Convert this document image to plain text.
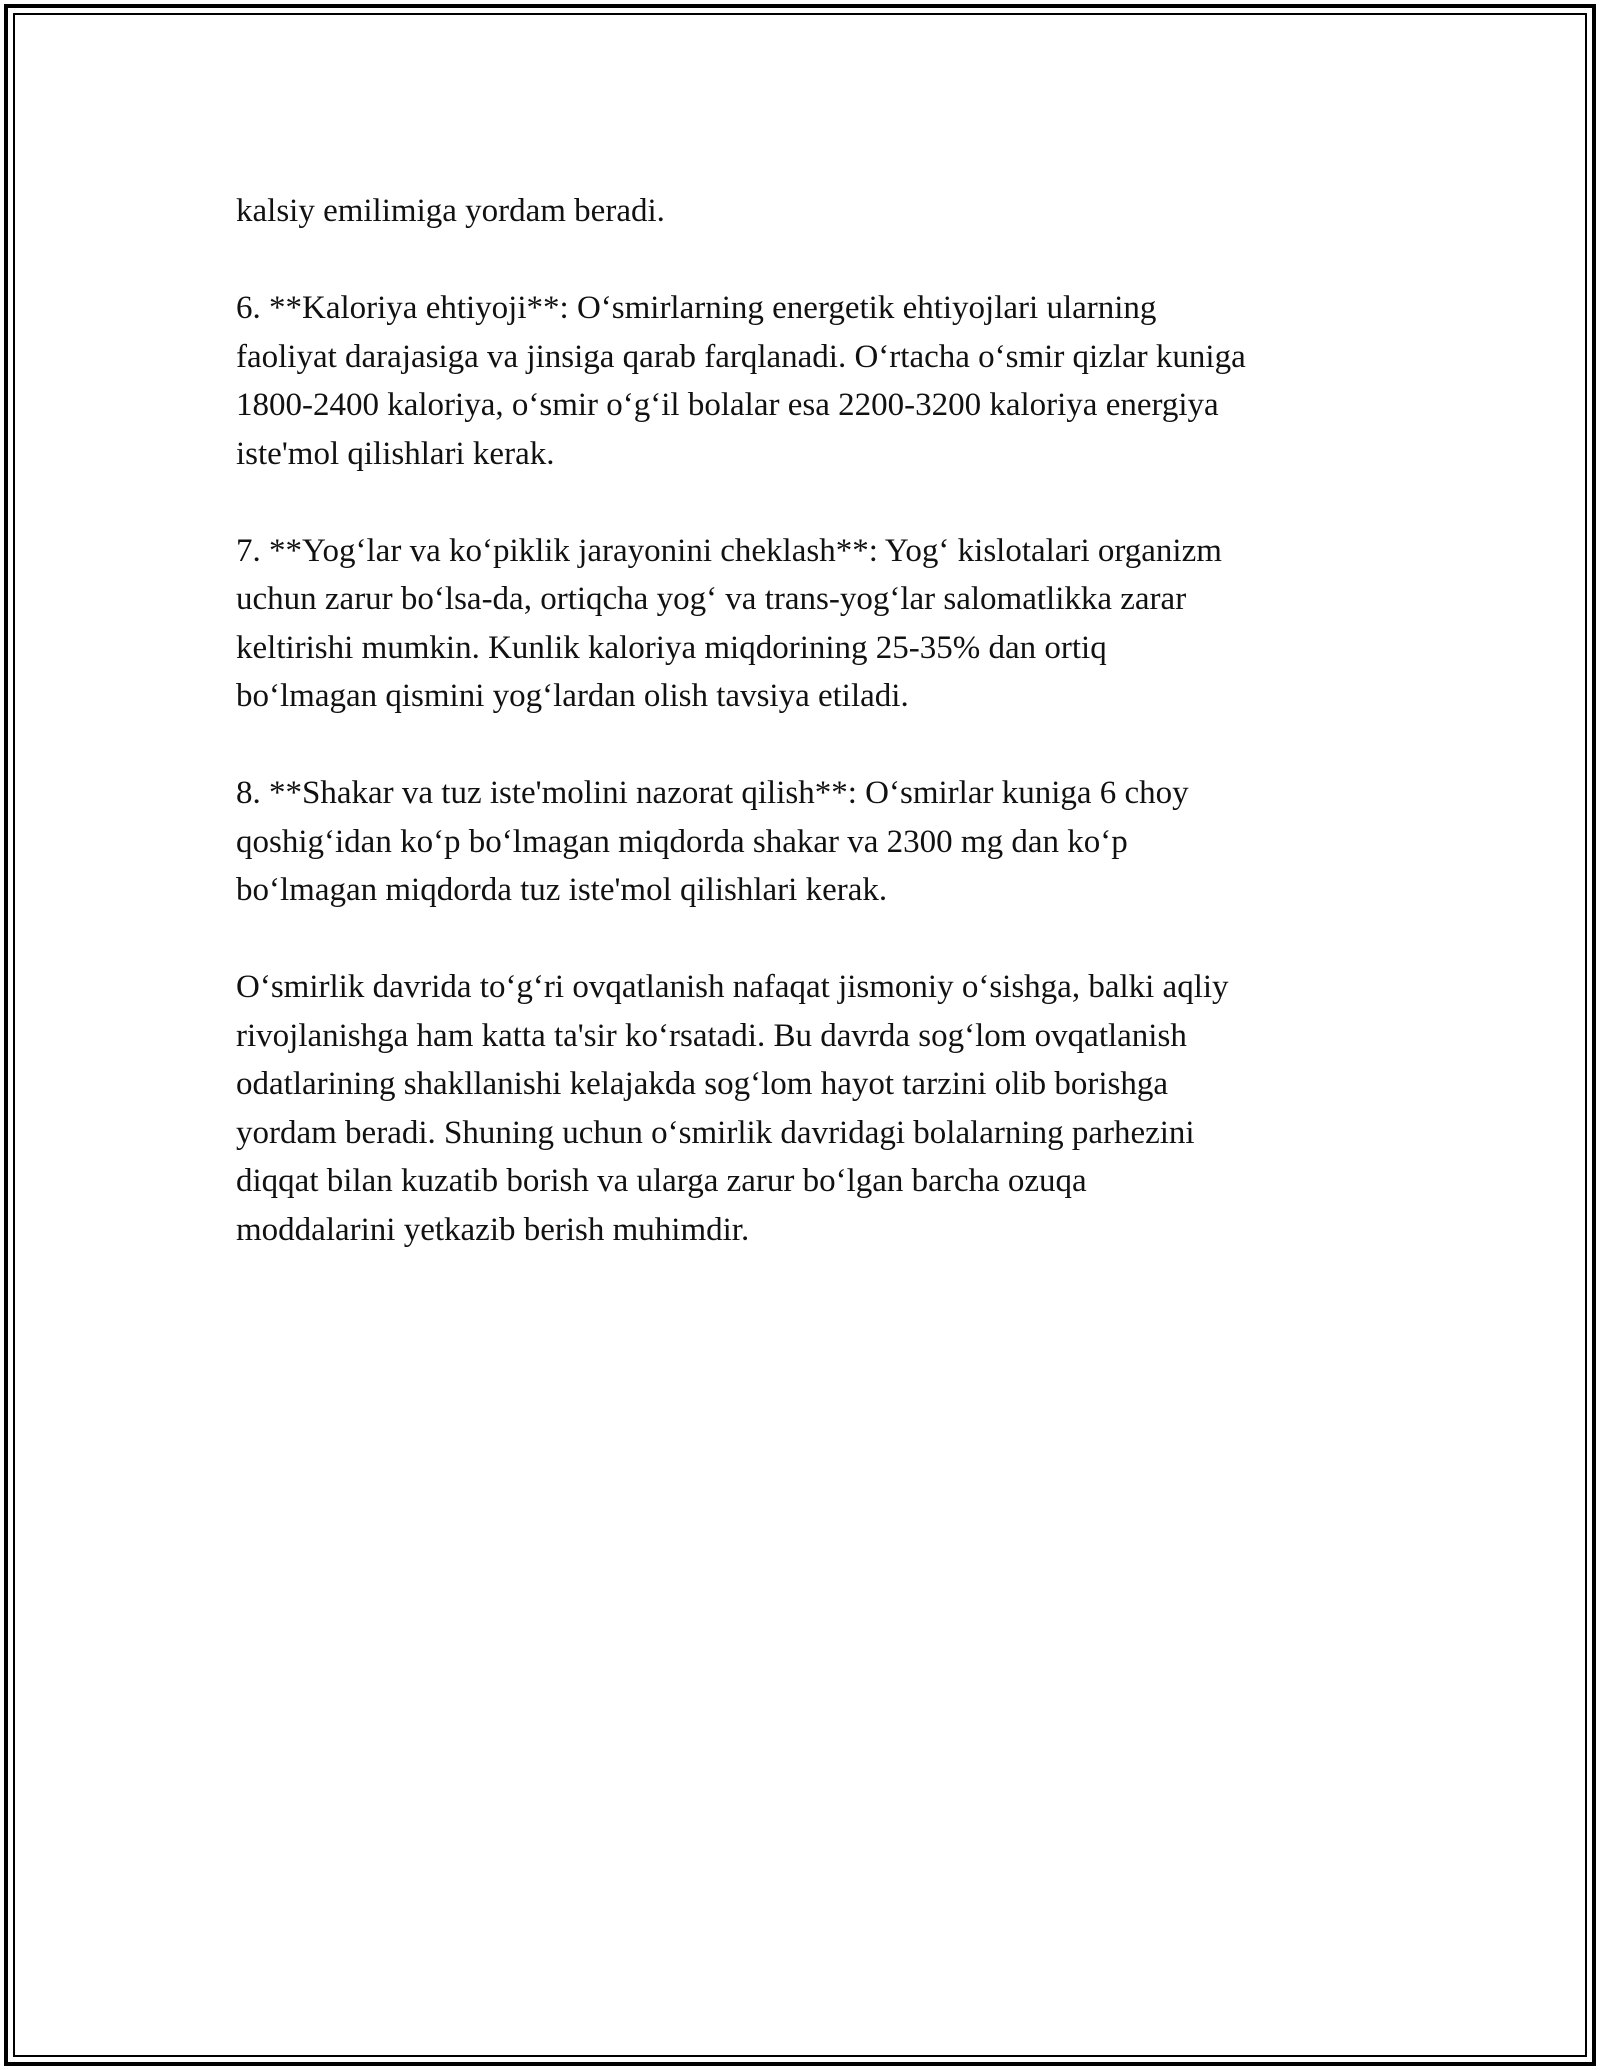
kalsiy emilimiga yordam beradi.
6. **Kaloriya ehtiyoji**: O‘smirlarning energetik ehtiyojlari ularning
faoliyat darajasiga va jinsiga qarab farqlanadi. O‘rtacha o‘smir qizlar kuniga
1800-2400 kaloriya, o‘smir o‘g‘il bolalar esa 2200-3200 kaloriya energiya
iste'mol qilishlari kerak.
7. **Yog‘lar va ko‘piklik jarayonini cheklash**: Yog‘ kislotalari organizm
uchun zarur bo‘lsa-da, ortiqcha yog‘ va trans-yog‘lar salomatlikka zarar
keltirishi mumkin. Kunlik kaloriya miqdorining 25-35% dan ortiq
bo‘lmagan qismini yog‘lardan olish tavsiya etiladi.
8. **Shakar va tuz iste'molini nazorat qilish**: O‘smirlar kuniga 6 choy
qoshig‘idan ko‘p bo‘lmagan miqdorda shakar va 2300 mg dan ko‘p
bo‘lmagan miqdorda tuz iste'mol qilishlari kerak.
O‘smirlik davrida to‘g‘ri ovqatlanish nafaqat jismoniy o‘sishga, balki aqliy
rivojlanishga ham katta ta'sir ko‘rsatadi. Bu davrda sog‘lom ovqatlanish
odatlarining shakllanishi kelajakda sog‘lom hayot tarzini olib borishga
yordam beradi. Shuning uchun o‘smirlik davridagi bolalarning parhezini
diqqat bilan kuzatib borish va ularga zarur bo‘lgan barcha ozuqa
moddalarini yetkazib berish muhimdir.
